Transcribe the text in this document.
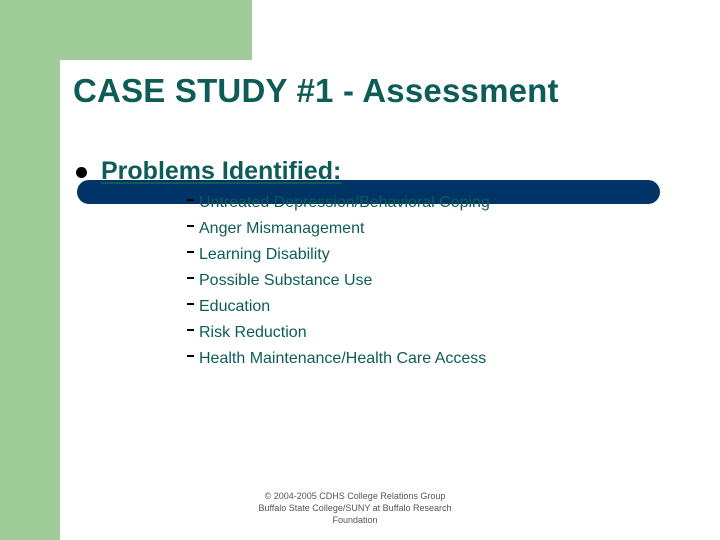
CASE STUDY #1 - Assessment
Problems Identified:
Untreated Depression/Behavioral Coping
Anger Mismanagement
Learning Disability
Possible Substance Use
Education
Risk Reduction
Health Maintenance/Health Care Access
© 2004-2005 CDHS College Relations Group
Buffalo State College/SUNY at Buffalo Research
Foundation
